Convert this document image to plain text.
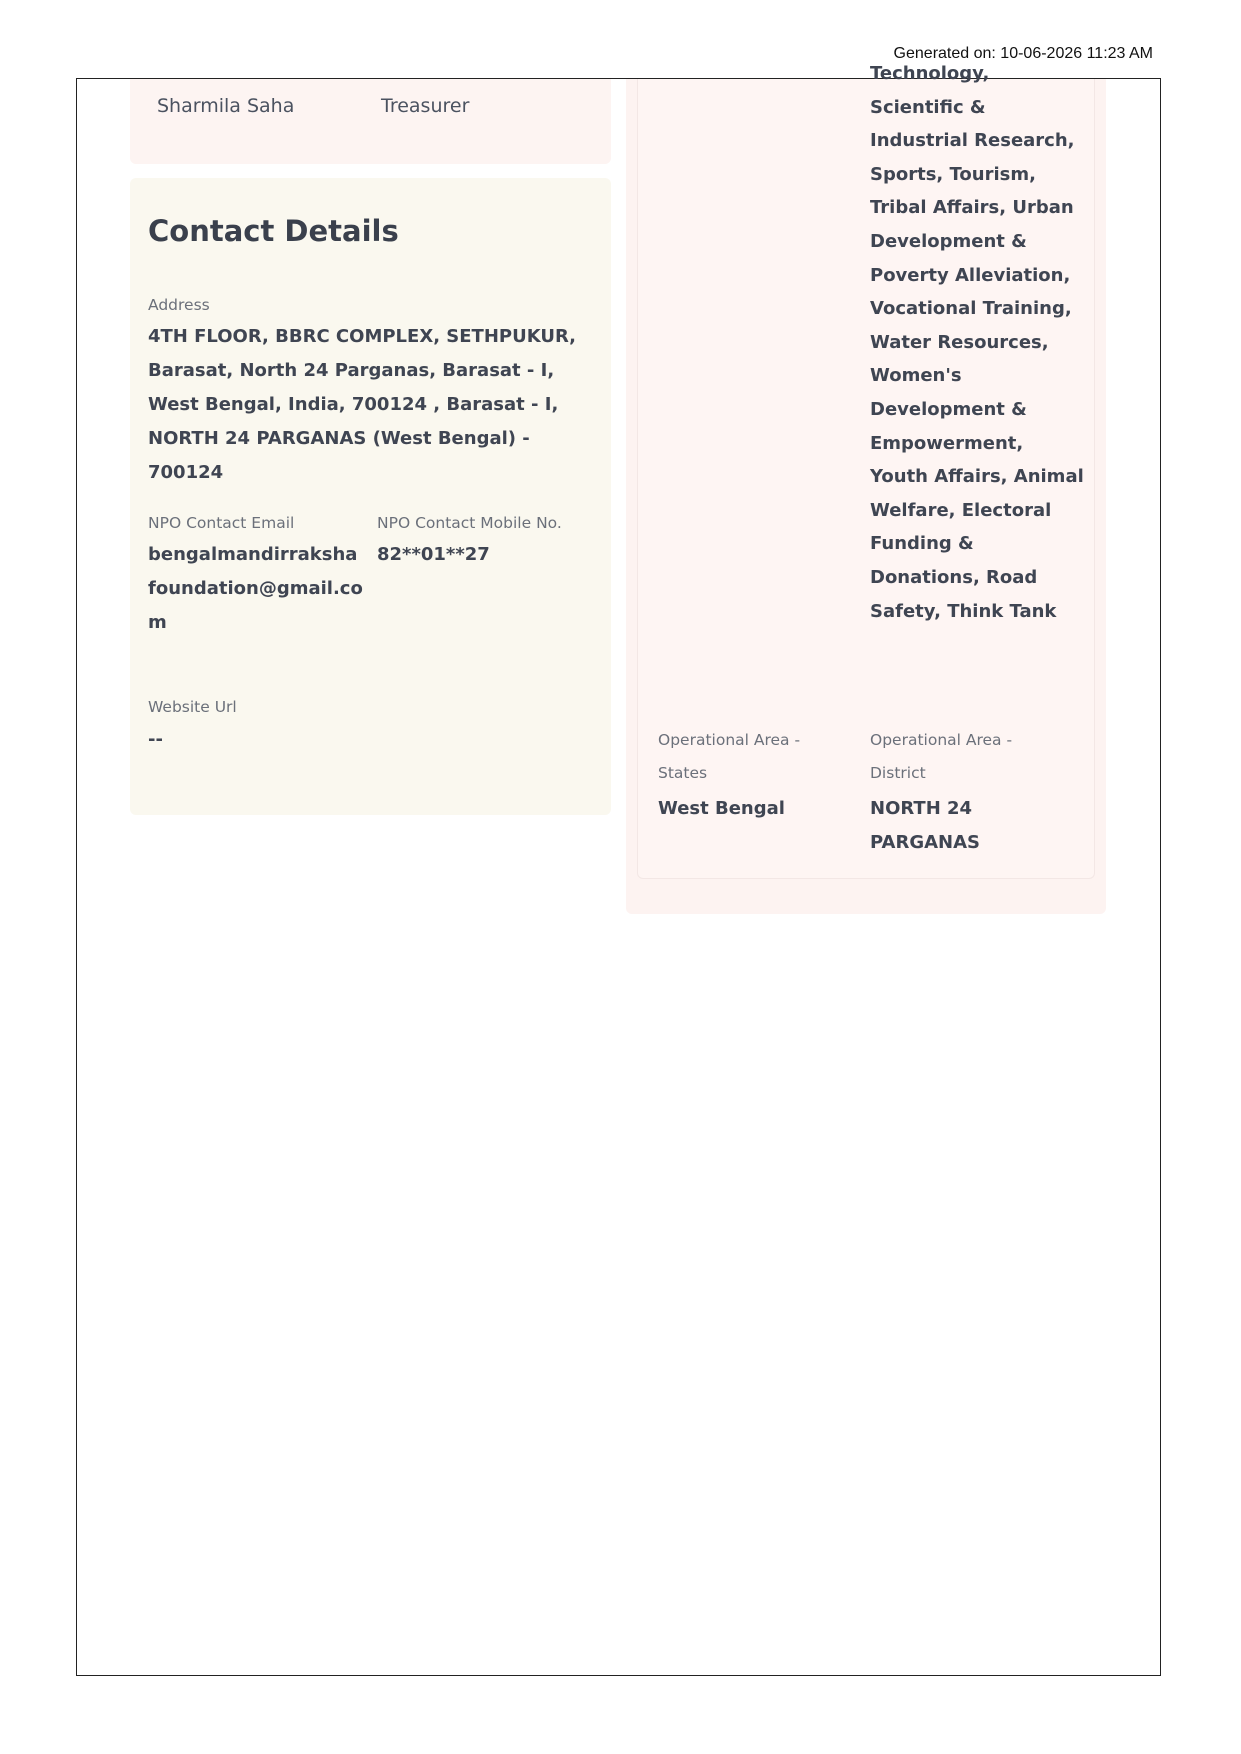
Generated on: 10-06-2026 11:23 AM
Sharmila Saha	Treasurer
Contact Details
Address
4TH FLOOR, BBRC COMPLEX, SETHPUKUR, Barasat, North 24 Parganas, Barasat - I, West Bengal, India, 700124 , Barasat - I, NORTH 24 PARGANAS (West Bengal) - 700124
NPO Contact Email
bengalmandirraksha foundation@gmail.co m
NPO Contact Mobile No.
82**01**27
Website Url
--
Technology, Scientific & Industrial Research, Sports, Tourism, Tribal Affairs, Urban Development & Poverty Alleviation, Vocational Training, Water Resources, Women's Development & Empowerment, Youth Affairs, Animal Welfare, Electoral Funding & Donations, Road Safety, Think Tank
Operational Area - States
West Bengal
Operational Area - District
NORTH 24 PARGANAS
